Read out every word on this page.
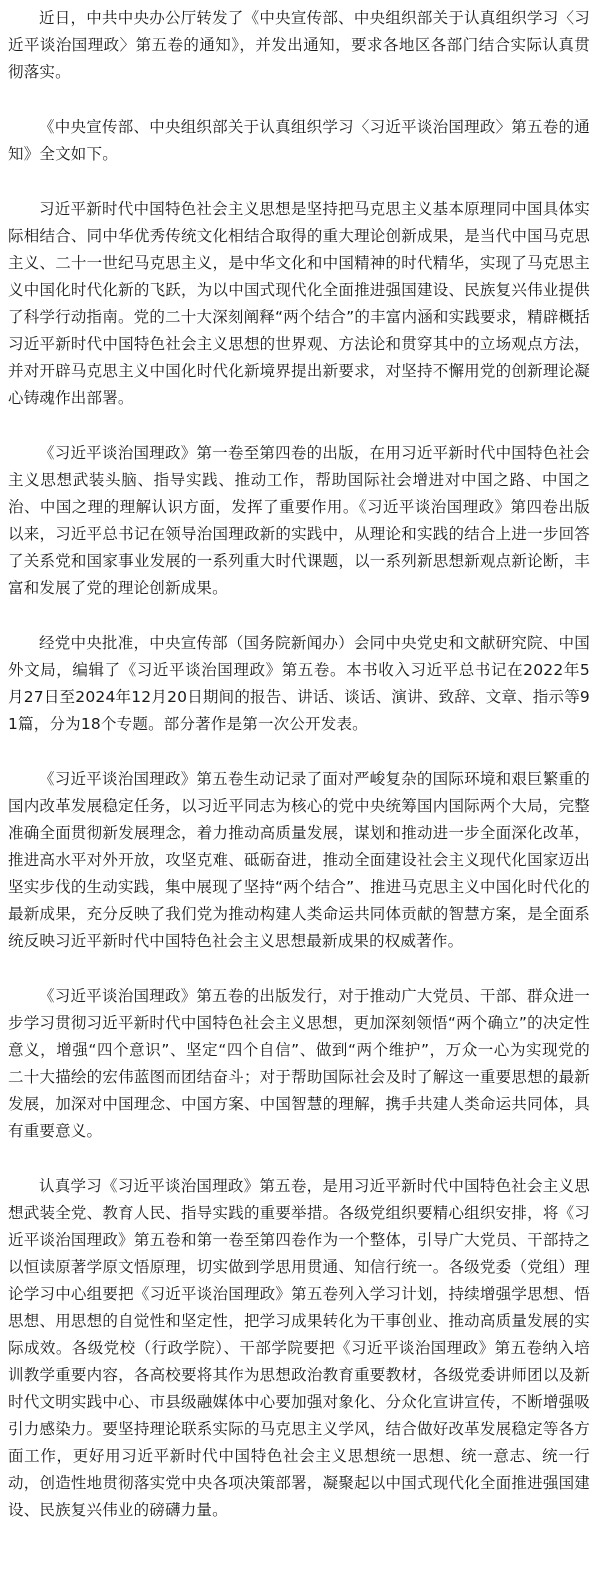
近日，中共中央办公厅转发了《中央宣传部、中央组织部关于认真组织学习〈习近平谈治国理政〉第五卷的通知》，并发出通知，要求各地区各部门结合实际认真贯彻落实。

《中央宣传部、中央组织部关于认真组织学习〈习近平谈治国理政〉第五卷的通知》全文如下。

习近平新时代中国特色社会主义思想是坚持把马克思主义基本原理同中国具体实际相结合、同中华优秀传统文化相结合取得的重大理论创新成果，是当代中国马克思主义、二十一世纪马克思主义，是中华文化和中国精神的时代精华，实现了马克思主义中国化时代化新的飞跃，为以中国式现代化全面推进强国建设、民族复兴伟业提供了科学行动指南。党的二十大深刻阐释“两个结合”的丰富内涵和实践要求，精辟概括习近平新时代中国特色社会主义思想的世界观、方法论和贯穿其中的立场观点方法，并对开辟马克思主义中国化时代化新境界提出新要求，对坚持不懈用党的创新理论凝心铸魂作出部署。

《习近平谈治国理政》第一卷至第四卷的出版，在用习近平新时代中国特色社会主义思想武装头脑、指导实践、推动工作，帮助国际社会增进对中国之路、中国之治、中国之理的理解认识方面，发挥了重要作用。《习近平谈治国理政》第四卷出版以来，习近平总书记在领导治国理政新的实践中，从理论和实践的结合上进一步回答了关系党和国家事业发展的一系列重大时代课题，以一系列新思想新观点新论断，丰富和发展了党的理论创新成果。

经党中央批准，中央宣传部（国务院新闻办）会同中央党史和文献研究院、中国外文局，编辑了《习近平谈治国理政》第五卷。本书收入习近平总书记在2022年5月27日至2024年12月20日期间的报告、讲话、谈话、演讲、致辞、文章、指示等91篇，分为18个专题。部分著作是第一次公开发表。

《习近平谈治国理政》第五卷生动记录了面对严峻复杂的国际环境和艰巨繁重的国内改革发展稳定任务，以习近平同志为核心的党中央统筹国内国际两个大局，完整准确全面贯彻新发展理念，着力推动高质量发展，谋划和推动进一步全面深化改革，推进高水平对外开放，攻坚克难、砥砺奋进，推动全面建设社会主义现代化国家迈出坚实步伐的生动实践，集中展现了坚持“两个结合”、推进马克思主义中国化时代化的最新成果，充分反映了我们党为推动构建人类命运共同体贡献的智慧方案，是全面系统反映习近平新时代中国特色社会主义思想最新成果的权威著作。

《习近平谈治国理政》第五卷的出版发行，对于推动广大党员、干部、群众进一步学习贯彻习近平新时代中国特色社会主义思想，更加深刻领悟“两个确立”的决定性意义，增强“四个意识”、坚定“四个自信”、做到“两个维护”，万众一心为实现党的二十大描绘的宏伟蓝图而团结奋斗；对于帮助国际社会及时了解这一重要思想的最新发展，加深对中国理念、中国方案、中国智慧的理解，携手共建人类命运共同体，具有重要意义。

认真学习《习近平谈治国理政》第五卷，是用习近平新时代中国特色社会主义思想武装全党、教育人民、指导实践的重要举措。各级党组织要精心组织安排，将《习近平谈治国理政》第五卷和第一卷至第四卷作为一个整体，引导广大党员、干部持之以恒读原著学原文悟原理，切实做到学思用贯通、知信行统一。各级党委（党组）理论学习中心组要把《习近平谈治国理政》第五卷列入学习计划，持续增强学思想、悟思想、用思想的自觉性和坚定性，把学习成果转化为干事创业、推动高质量发展的实际成效。各级党校（行政学院）、干部学院要把《习近平谈治国理政》第五卷纳入培训教学重要内容，各高校要将其作为思想政治教育重要教材，各级党委讲师团以及新时代文明实践中心、市县级融媒体中心要加强对象化、分众化宣讲宣传，不断增强吸引力感染力。要坚持理论联系实际的马克思主义学风，结合做好改革发展稳定等各方面工作，更好用习近平新时代中国特色社会主义思想统一思想、统一意志、统一行动，创造性地贯彻落实党中央各项决策部署，凝聚起以中国式现代化全面推进强国建设、民族复兴伟业的磅礴力量。
